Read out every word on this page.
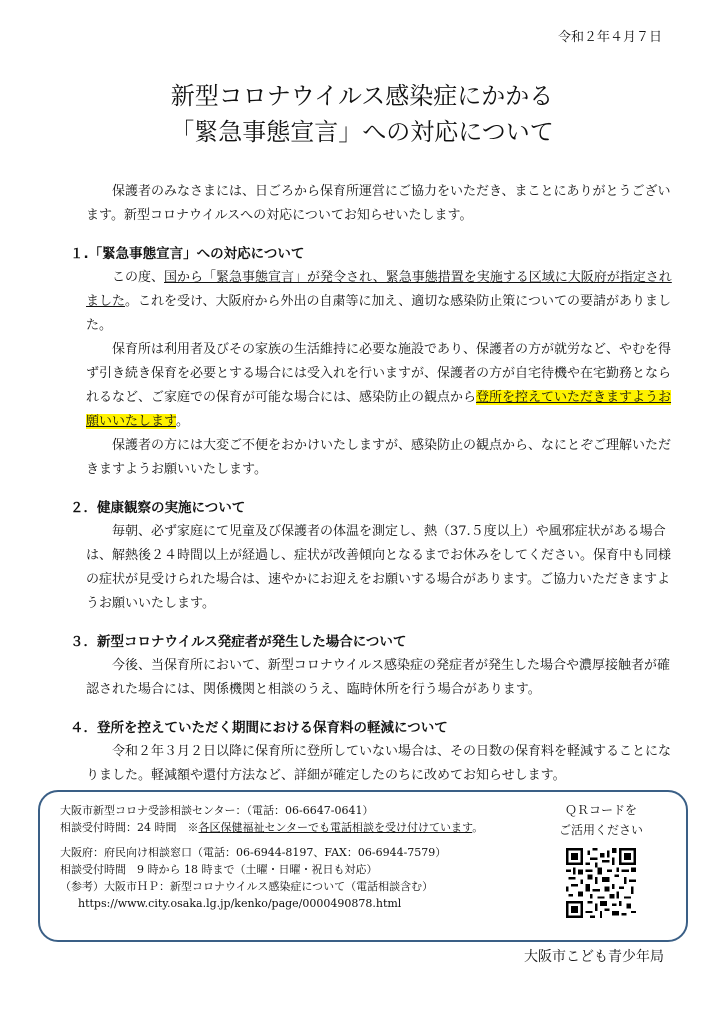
令和２年４月７日
新型コロナウイルス感染症にかかる
「緊急事態宣言」への対応について

保護者のみなさまには、日ごろから保育所運営にご協力をいただき、まことにありがとうございます。新型コロナウイルスへの対応についてお知らせいたします。

１.「緊急事態宣言」への対応について

この度、国から「緊急事態宣言」が発令され、緊急事態措置を実施する区域に大阪府が指定されました。これを受け、大阪府から外出の自粛等に加え、適切な感染防止策についての要請がありました。

保育所は利用者及びその家族の生活維持に必要な施設であり、保護者の方が就労など、やむを得ず引き続き保育を必要とする場合には受入れを行いますが、保護者の方が自宅待機や在宅勤務となられるなど、ご家庭での保育が可能な場合には、感染防止の観点から登所を控えていただきますようお願いいたします。

保護者の方には大変ご不便をおかけいたしますが、感染防止の観点から、なにとぞご理解いただきますようお願いいたします。

２．健康観察の実施について

毎朝、必ず家庭にて児童及び保護者の体温を測定し、熱（37.５度以上）や風邪症状がある場合は、解熱後２４時間以上が経過し、症状が改善傾向となるまでお休みをしてください。保育中も同様の症状が見受けられた場合は、速やかにお迎えをお願いする場合があります。ご協力いただきますようお願いいたします。

３．新型コロナウイルス発症者が発生した場合について

今後、当保育所において、新型コロナウイルス感染症の発症者が発生した場合や濃厚接触者が確認された場合には、関係機関と相談のうえ、臨時休所を行う場合があります。

４．登所を控えていただく期間における保育料の軽減について

令和２年３月２日以降に保育所に登所していない場合は、その日数の保育料を軽減することになりました。軽減額や還付方法など、詳細が確定したのちに改めてお知らせします。

大阪市新型コロナ受診相談センター：（電話：06-6647-0641）
相談受付時間：24 時間　※各区保健福祉センターでも電話相談を受け付けています。
大阪府：府民向け相談窓口（電話：06-6944-8197、FAX：06-6944-7579）
相談受付時間　9 時から 18 時まで（土曜・日曜・祝日も対応）
（参考）大阪市ＨＰ：新型コロナウイルス感染症について（電話相談含む）
https://www.city.osaka.lg.jp/kenko/page/0000490878.html
ＱＲコードを
ご活用ください
大阪市こども青少年局
